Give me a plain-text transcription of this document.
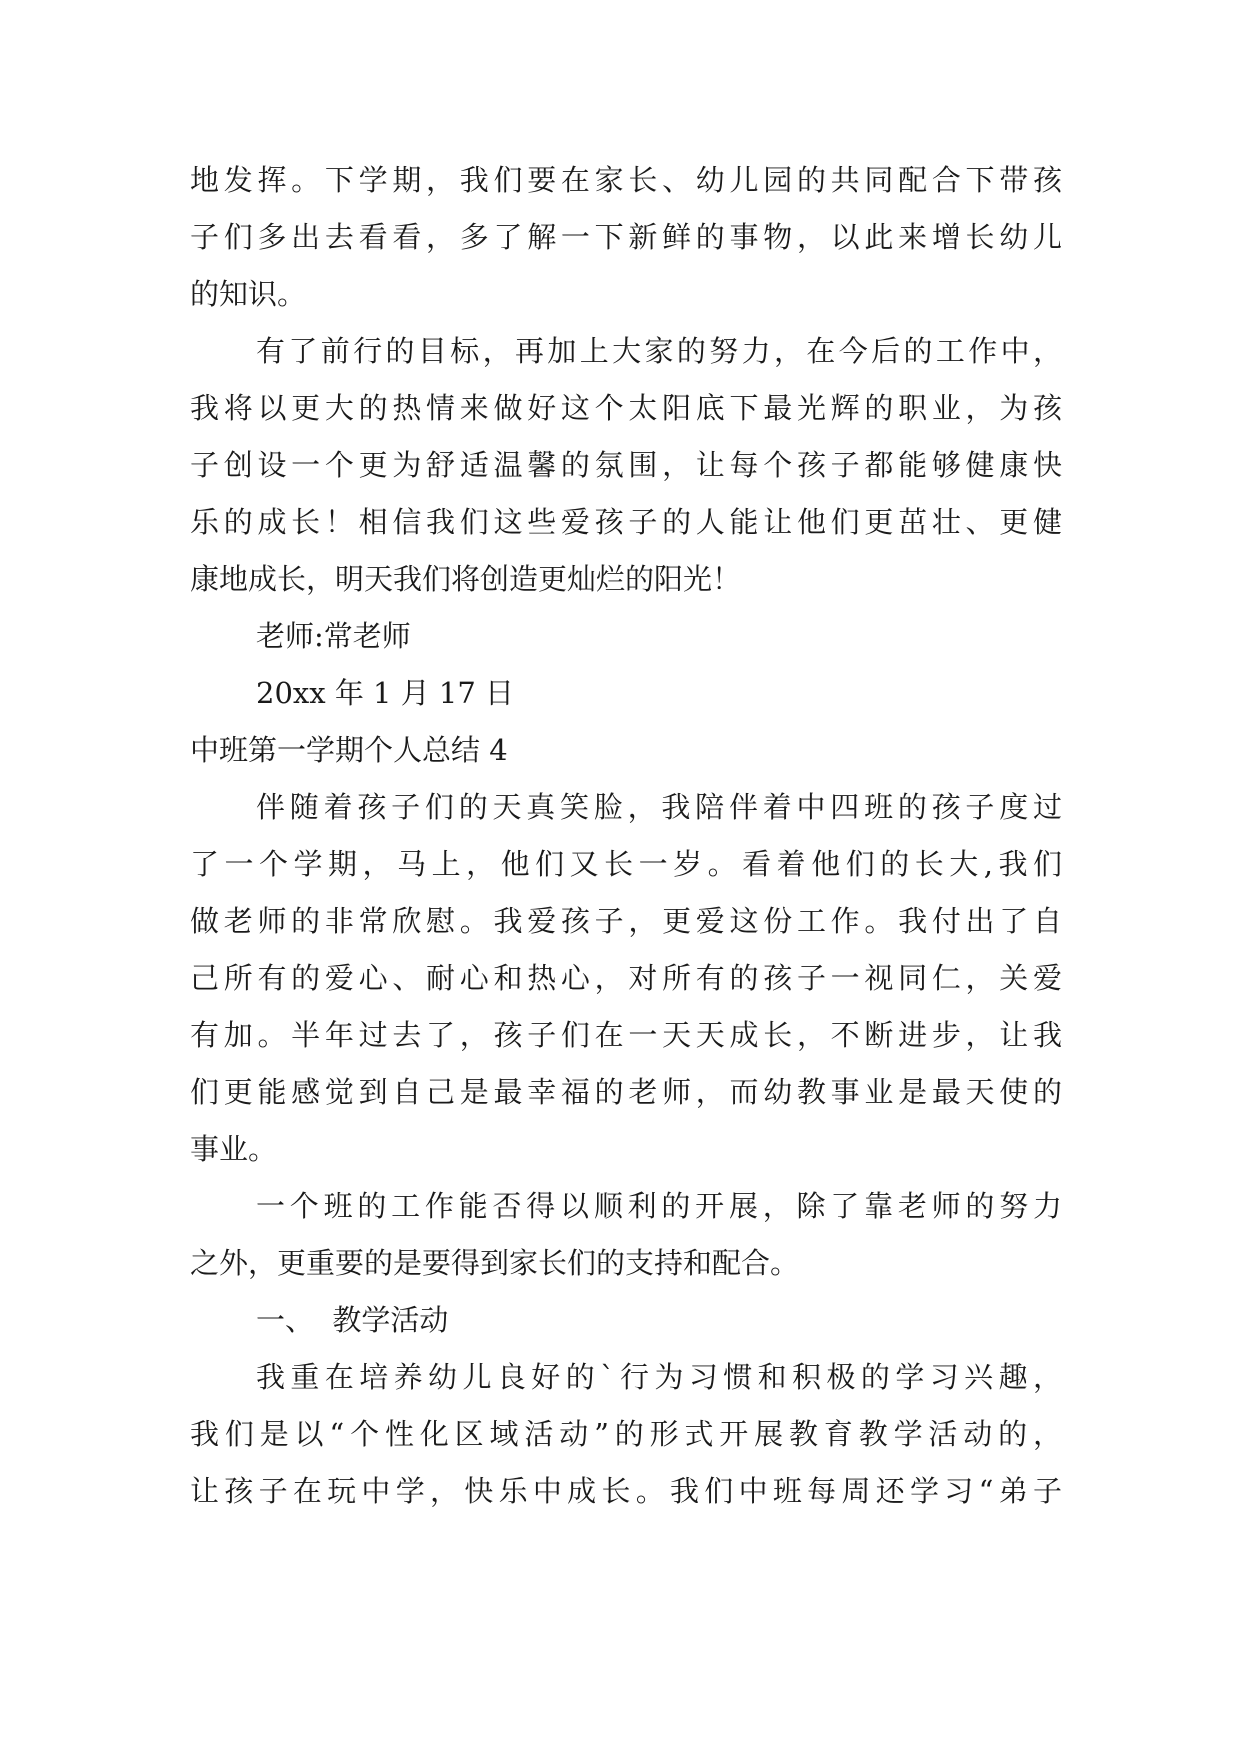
地发挥。下学期，我们要在家长、幼儿园的共同配合下带孩
子们多出去看看，多了解一下新鲜的事物，以此来增长幼儿
的知识。
有了前行的目标，再加上大家的努力，在今后的工作中，
我将以更大的热情来做好这个太阳底下最光辉的职业，为孩
子创设一个更为舒适温馨的氛围，让每个孩子都能够健康快
乐的成长！相信我们这些爱孩子的人能让他们更茁壮、更健
康地成长，明天我们将创造更灿烂的阳光！
老师:常老师
20xx 年 1 月 17 日
中班第一学期个人总结 4
伴随着孩子们的天真笑脸，我陪伴着中四班的孩子度过
了一个学期，马上，他们又长一岁。看着他们的长大,我们
做老师的非常欣慰。我爱孩子，更爱这份工作。我付出了自
己所有的爱心、耐心和热心，对所有的孩子一视同仁，关爱
有加。半年过去了，孩子们在一天天成长，不断进步，让我
们更能感觉到自己是最幸福的老师，而幼教事业是最天使的
事业。
一个班的工作能否得以顺利的开展，除了靠老师的努力
之外，更重要的是要得到家长们的支持和配合。
一、  教学活动
我重在培养幼儿良好的`行为习惯和积极的学习兴趣，
我们是以“个性化区域活动”的形式开展教育教学活动的，
让孩子在玩中学，快乐中成长。我们中班每周还学习“弟子
